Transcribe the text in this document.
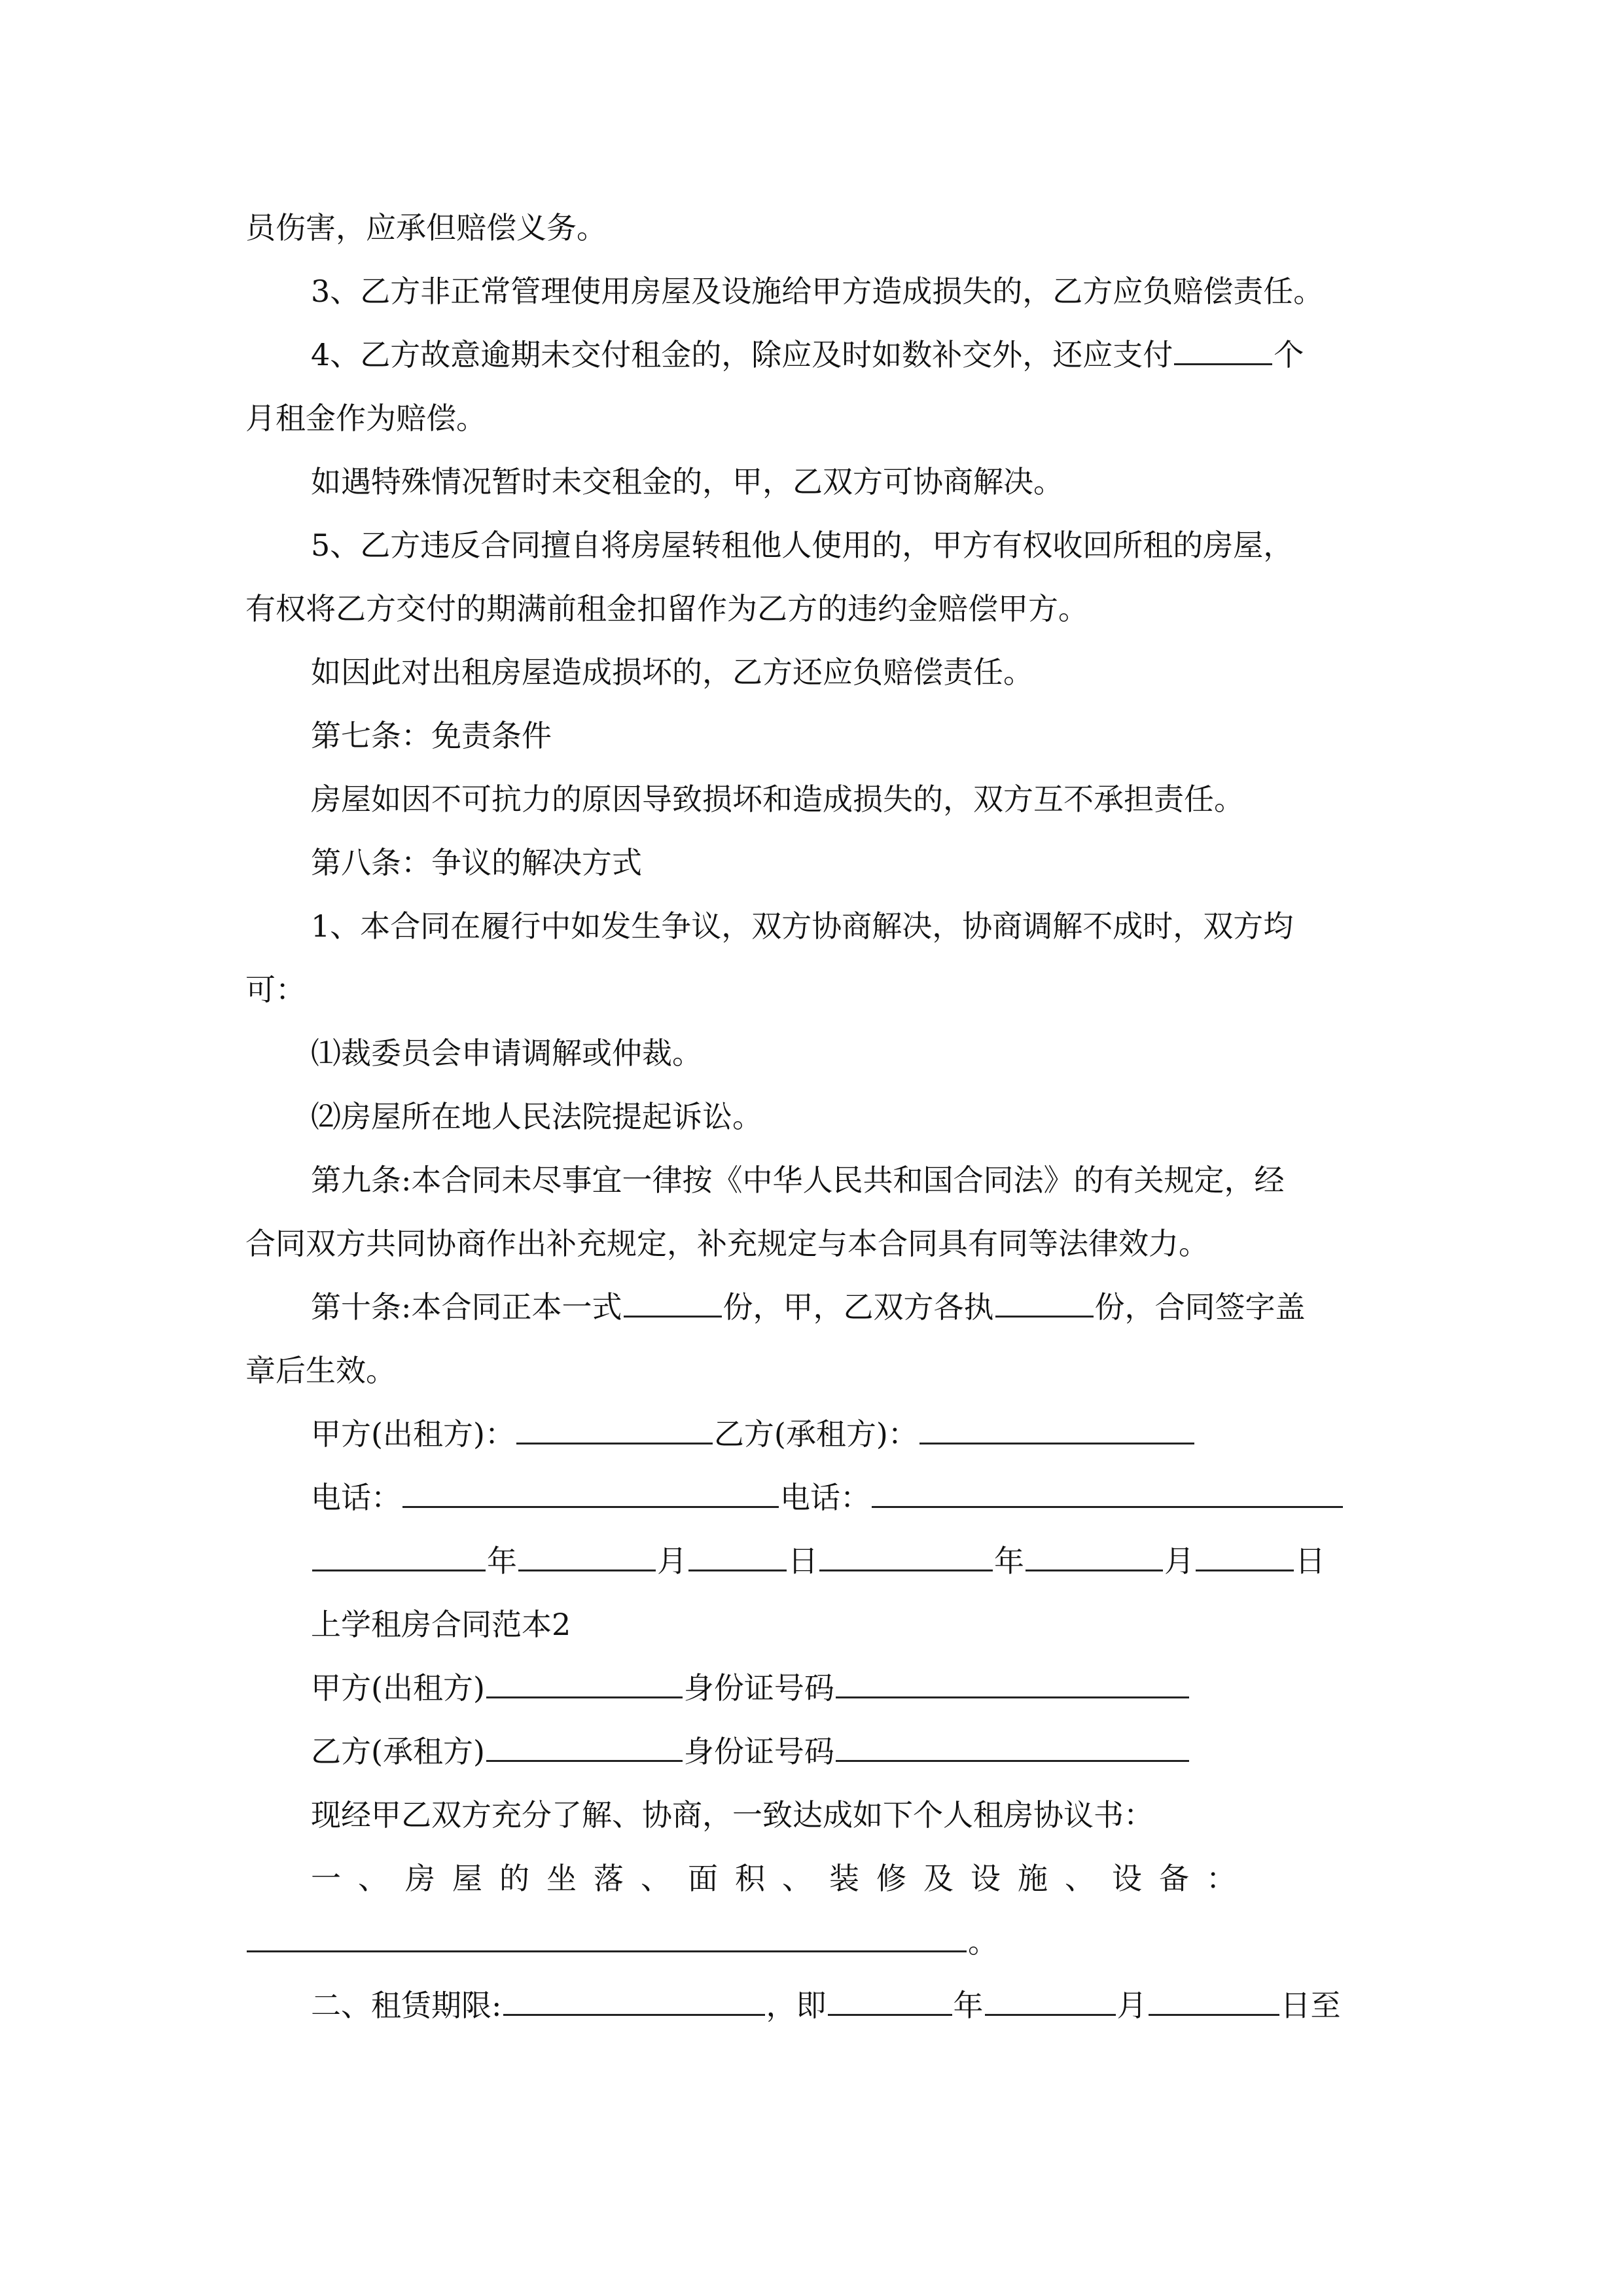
员伤害，应承但赔偿义务。

3、乙方非正常管理使用房屋及设施给甲方造成损失的，乙方应负赔偿责任。

4、乙方故意逾期未交付租金的，除应及时如数补交外，还应支付	个

月租金作为赔偿。

如遇特殊情况暂时未交租金的，甲，乙双方可协商解决。

5、乙方违反合同擅自将房屋转租他人使用的，甲方有权收回所租的房屋，

有权将乙方交付的期满前租金扣留作为乙方的违约金赔偿甲方。

如因此对出租房屋造成损坏的，乙方还应负赔偿责任。

第七条：免责条件

房屋如因不可抗力的原因导致损坏和造成损失的，双方互不承担责任。

第八条：争议的解决方式

1、本合同在履行中如发生争议，双方协商解决，协商调解不成时，双方均

可：

⑴裁委员会申请调解或仲裁。

⑵房屋所在地人民法院提起诉讼。

第九条:本合同未尽事宜一律按《中华人民共和国合同法》的有关规定，经

合同双方共同协商作出补充规定，补充规定与本合同具有同等法律效力。

第十条:本合同正本一式	份，甲，乙双方各执	份，合同签字盖

章后生效。

甲方(出租方)：	乙方(承租方)：

电话：	电话：

年	月	日	年	月	日

上学租房合同范本2

甲方(出租方)	身份证号码

乙方(承租方)	身份证号码

现经甲乙双方充分了解、协商，一致达成如下个人租房协议书：

一、房屋的坐落、面积、装修及设施、设备：

。

二、租赁期限:	，即	年	月	日至
